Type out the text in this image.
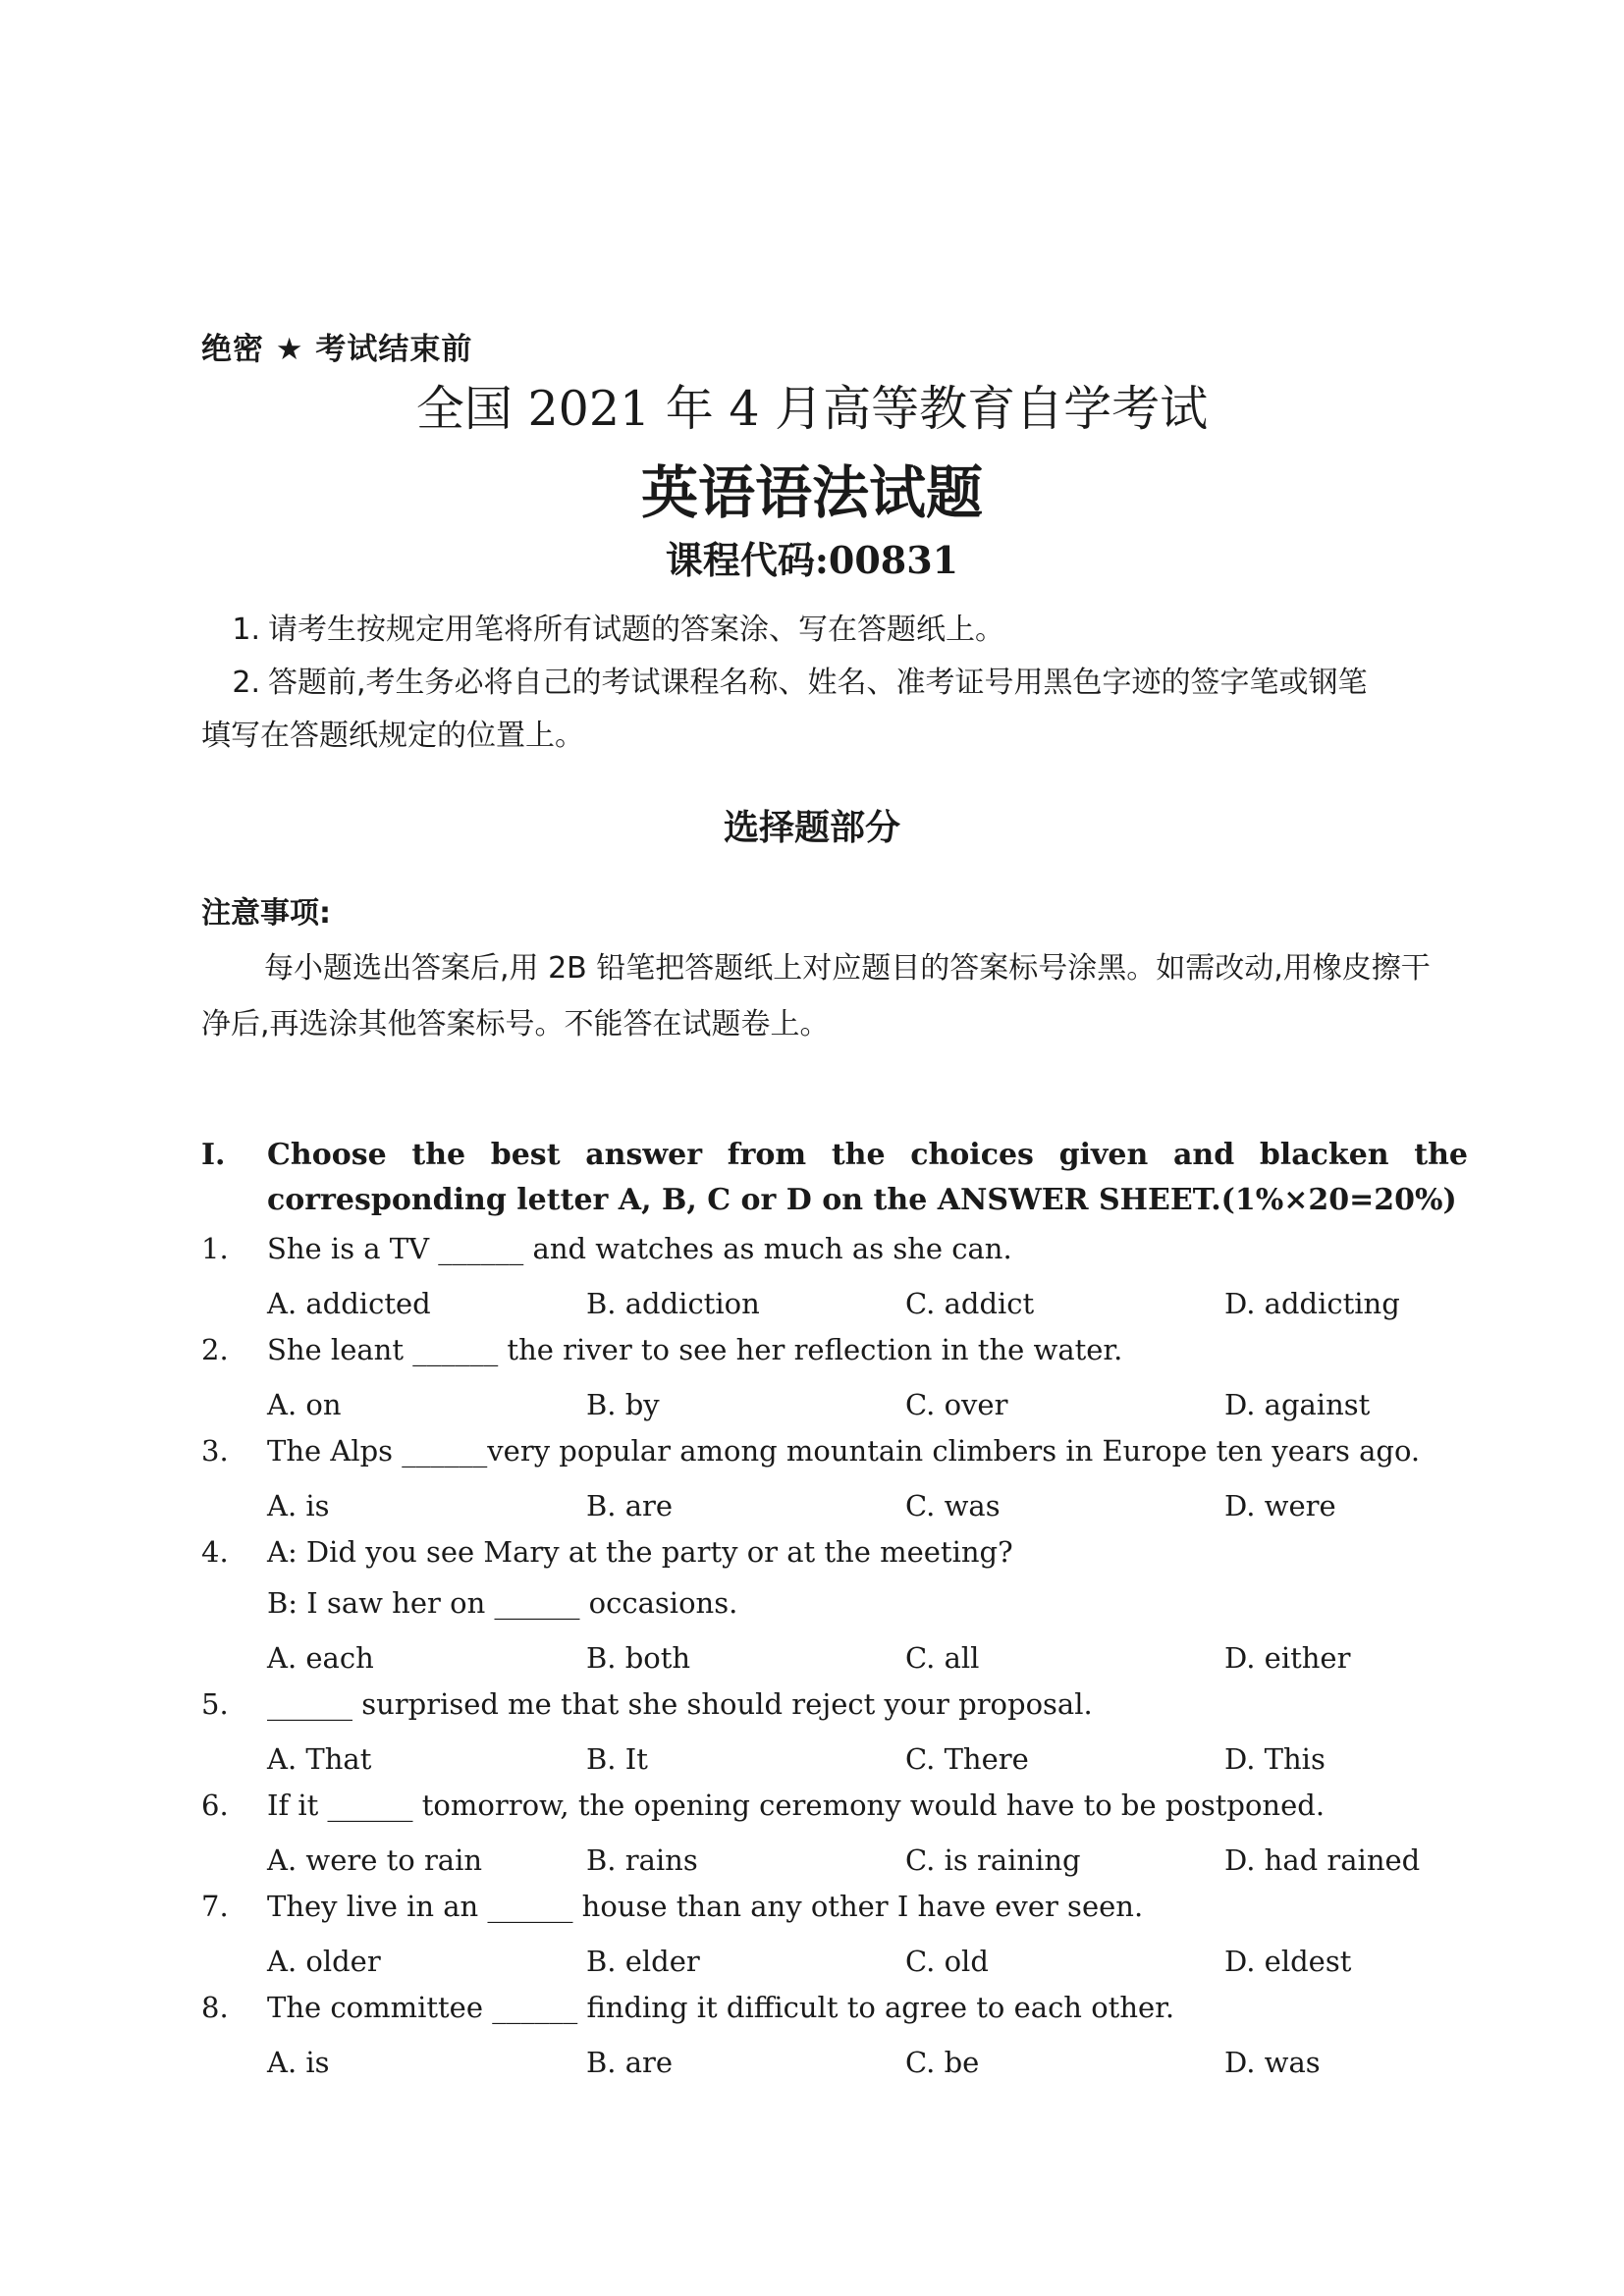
绝密 ★ 考试结束前
全国 2021 年 4 月高等教育自学考试
英语语法试题
课程代码:00831
1. 请考生按规定用笔将所有试题的答案涂、写在答题纸上。
2. 答题前,考生务必将自己的考试课程名称、姓名、准考证号用黑色字迹的签字笔或钢笔
填写在答题纸规定的位置上。
选择题部分
注意事项:
每小题选出答案后,用 2B 铅笔把答题纸上对应题目的答案标号涂黑。如需改动,用橡皮擦干净后,再选涂其他答案标号。不能答在试题卷上。
I. Choose the best answer from the choices given and blacken the corresponding letter A, B, C or D on the ANSWER SHEET.(1%×20=20%)
1.	She is a TV ______ and watches as much as she can.
A. addicted	B. addiction	C. addict	D. addicting
2.	She leant ______ the river to see her reflection in the water.
A. on	B. by	C. over	D. against
3.	The Alps ______very popular among mountain climbers in Europe ten years ago.
A. is	B. are	C. was	D. were
4.	A: Did you see Mary at the party or at the meeting?
B: I saw her on ______ occasions.
A. each	B. both	C. all	D. either
5.	______ surprised me that she should reject your proposal.
A. That	B. It	C. There	D. This
6.	If it ______ tomorrow, the opening ceremony would have to be postponed.
A. were to rain	B. rains	C. is raining	D. had rained
7.	They live in an ______ house than any other I have ever seen.
A. older	B. elder	C. old	D. eldest
8.	The committee ______ finding it difficult to agree to each other.
A. is	B. are	C. be	D. was
